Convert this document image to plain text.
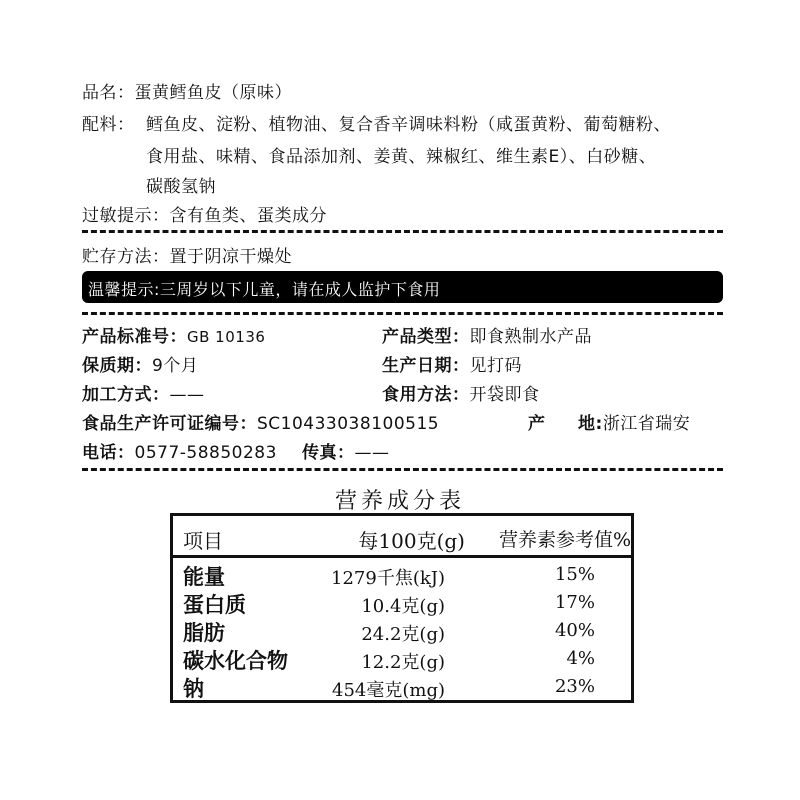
品名：蛋黄鳕鱼皮（原味）
配料： 鳕鱼皮、淀粉、植物油、复合香辛调味料粉（咸蛋黄粉、葡萄糖粉、
食用盐、味精、食品添加剂、姜黄、辣椒红、维生素E）、白砂糖、
碳酸氢钠
过敏提示：含有鱼类、蛋类成分
贮存方法：置于阴凉干燥处
温馨提示:三周岁以下儿童，请在成人监护下食用
产品标准号：GB 10136	产品类型：即食熟制水产品
保质期：9个月	生产日期：见打码
加工方式：——	食用方法：开袋即食
食品生产许可证编号：SC10433038100515	产 地:浙江省瑞安
电话：0577-58850283 传真：——
营养成分表
项目	每100克(g)	营养素参考值%
能量	1279千焦(kJ)	15%
蛋白质	10.4克(g)	17%
脂肪	24.2克(g)	40%
碳水化合物	12.2克(g)	4%
钠	454毫克(mg)	23%
